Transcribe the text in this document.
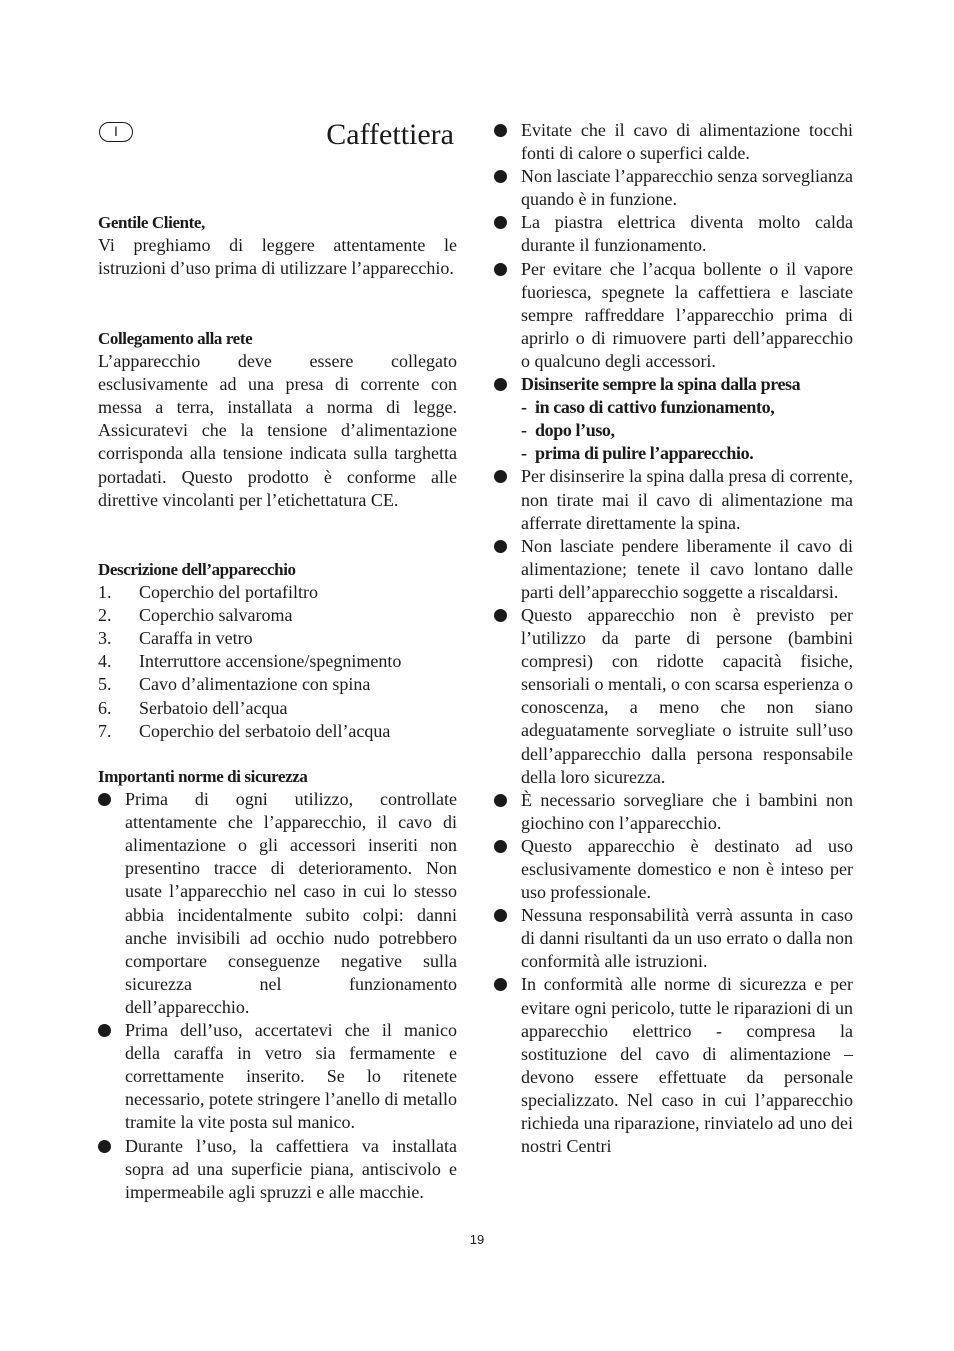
I	Caffettiera

Gentile Cliente,

Vi preghiamo di leggere attentamente le istruzioni d’uso prima di utilizzare l’apparecchio.

Collegamento alla rete

L’apparecchio deve essere collegato esclusivamente ad una presa di corrente con messa a terra, installata a norma di legge. Assicuratevi che la tensione d’alimentazione corrisponda alla tensione indicata sulla targhetta portadati. Questo prodotto è conforme alle direttive vincolanti per l’etichettatura CE.

Descrizione dell’apparecchio

1.	Coperchio del portafiltro
2.	Coperchio salvaroma
3.	Caraffa in vetro
4.	Interruttore accensione/spegnimento
5.	Cavo d’alimentazione con spina
6.	Serbatoio dell’acqua
7.	Coperchio del serbatoio dell’acqua

Importanti norme di sicurezza

Prima di ogni utilizzo, controllate attentamente che l’apparecchio, il cavo di alimentazione o gli accessori inseriti non presentino tracce di deterioramento. Non usate l’apparecchio nel caso in cui lo stesso abbia incidentalmente subito colpi: danni anche invisibili ad occhio nudo potrebbero comportare conseguenze negative sulla sicurezza nel funzionamento dell’apparecchio.
Prima dell’uso, accertatevi che il manico della caraffa in vetro sia fermamente e correttamente inserito. Se lo ritenete necessario, potete stringere l’anello di metallo tramite la vite posta sul manico.
Durante l’uso, la caffettiera va installata sopra ad una superficie piana, antiscivolo e impermeabile agli spruzzi e alle macchie.
Evitate che il cavo di alimentazione tocchi fonti di calore o superfici calde.
Non lasciate l’apparecchio senza sorveglianza quando è in funzione.
La piastra elettrica diventa molto calda durante il funzionamento.
Per evitare che l’acqua bollente o il vapore fuoriesca, spegnete la caffettiera e lasciate sempre raffreddare l’apparecchio prima di aprirlo o di rimuovere parti dell’apparecchio o qualcuno degli accessori.
Disinserite sempre la spina dalla presa
- in caso di cattivo funzionamento,
- dopo l’uso,
- prima di pulire l’apparecchio.
Per disinserire la spina dalla presa di corrente, non tirate mai il cavo di alimentazione ma afferrate direttamente la spina.
Non lasciate pendere liberamente il cavo di alimentazione; tenete il cavo lontano dalle parti dell’apparecchio soggette a riscaldarsi.
Questo apparecchio non è previsto per l’utilizzo da parte di persone (bambini compresi) con ridotte capacità fisiche, sensoriali o mentali, o con scarsa esperienza o conoscenza, a meno che non siano adeguatamente sorvegliate o istruite sull’uso dell’apparecchio dalla persona responsabile della loro sicurezza.
È necessario sorvegliare che i bambini non giochino con l’apparecchio.
Questo apparecchio è destinato ad uso esclusivamente domestico e non è inteso per uso professionale.
Nessuna responsabilità verrà assunta in caso di danni risultanti da un uso errato o dalla non conformità alle istruzioni.
In conformità alle norme di sicurezza e per evitare ogni pericolo, tutte le riparazioni di un apparecchio elettrico - compresa la sostituzione del cavo di alimentazione – devono essere effettuate da personale specializzato. Nel caso in cui l’apparecchio richieda una riparazione, rinviatelo ad uno dei nostri Centri
19
